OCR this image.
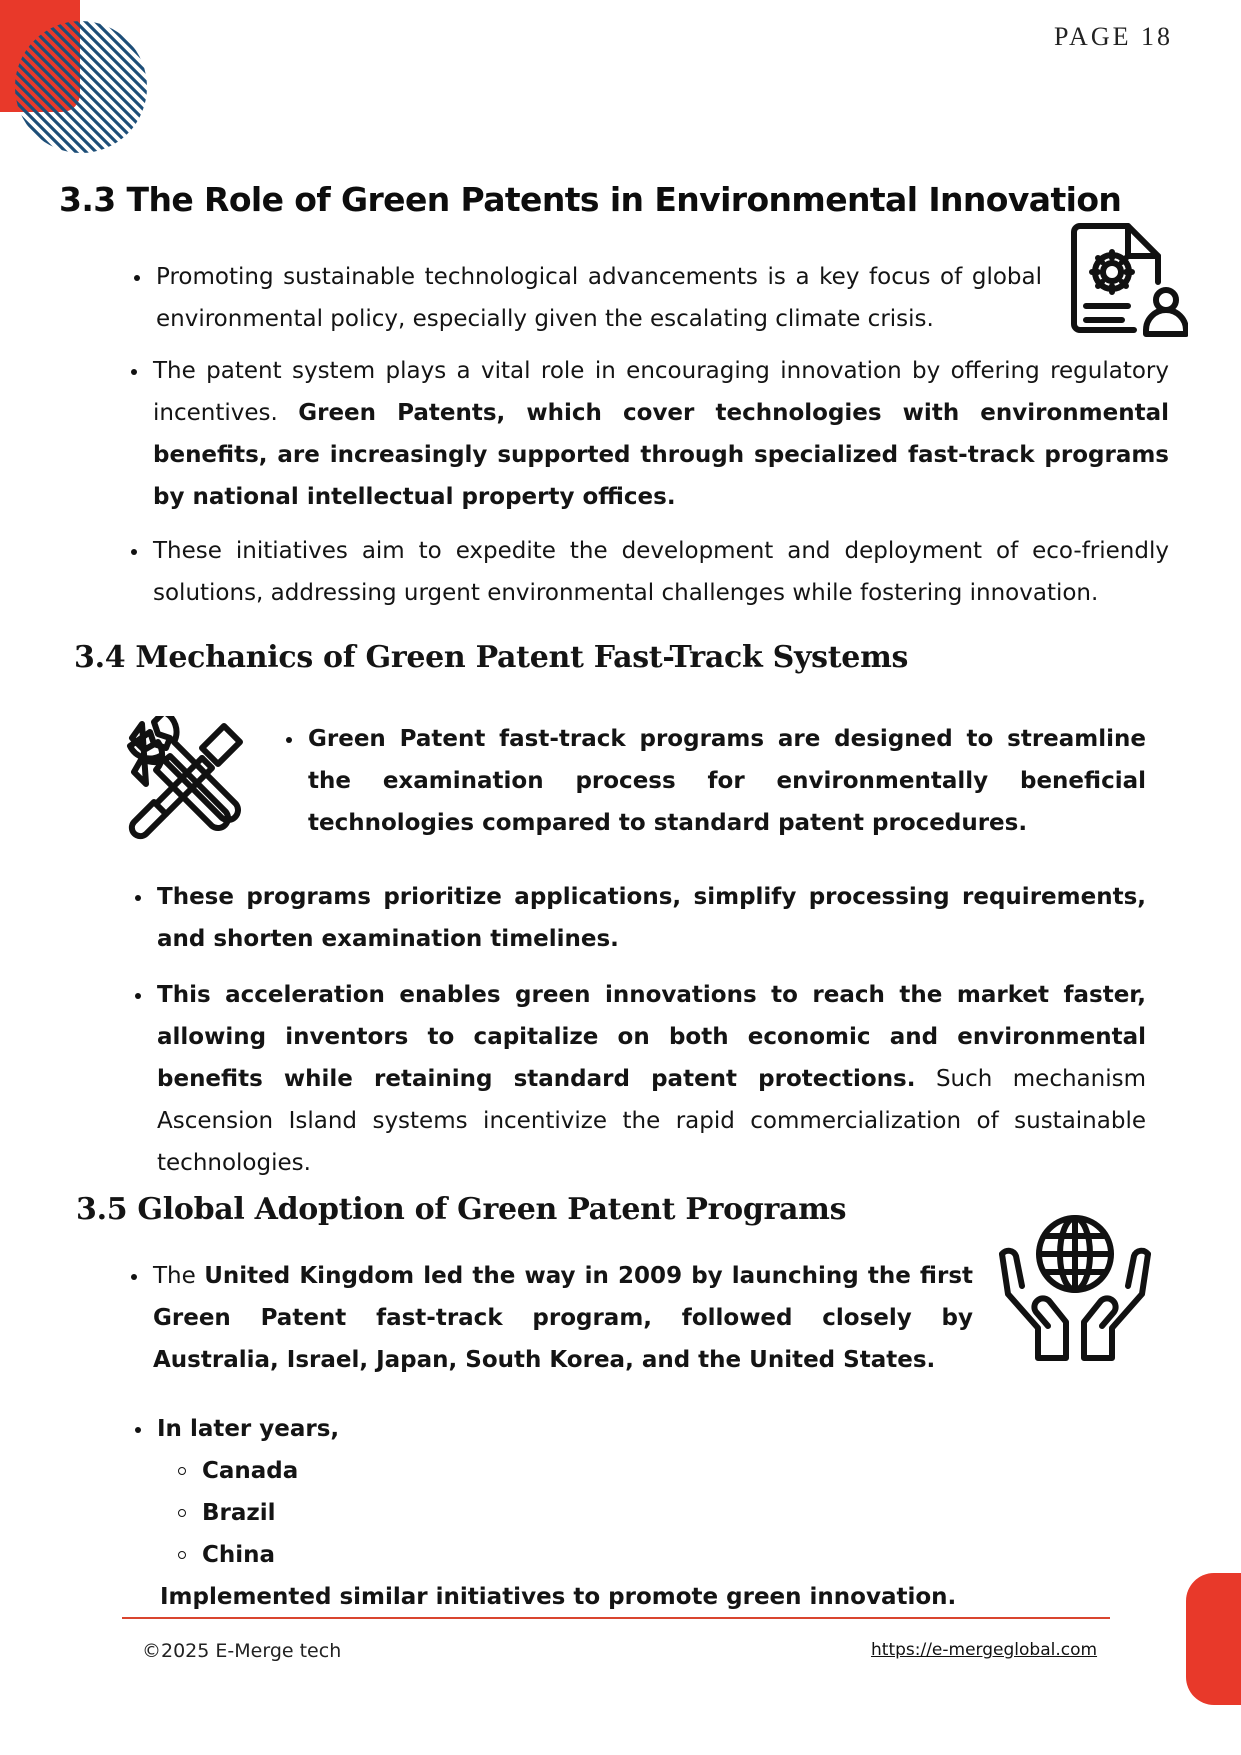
PAGE 18
3.3 The Role of Green Patents in Environmental Innovation
Promoting sustainable technological advancements is a key focus of global environmental policy, especially given the escalating climate crisis.
The patent system plays a vital role in encouraging innovation by offering regulatory incentives. Green Patents, which cover technologies with environmental benefits, are increasingly supported through specialized fast-track programs by national intellectual property offices.
These initiatives aim to expedite the development and deployment of eco-friendly solutions, addressing urgent environmental challenges while fostering innovation.
3.4 Mechanics of Green Patent Fast-Track Systems
Green Patent fast-track programs are designed to streamline the examination process for environmentally beneficial technologies compared to standard patent procedures.
These programs prioritize applications, simplify processing requirements, and shorten examination timelines.
This acceleration enables green innovations to reach the market faster, allowing inventors to capitalize on both economic and environmental benefits while retaining standard patent protections. Such mechanism Ascension Island systems incentivize the rapid commercialization of sustainable technologies.
3.5 Global Adoption of Green Patent Programs
The United Kingdom led the way in 2009 by launching the first Green Patent fast-track program, followed closely by Australia, Israel, Japan, South Korea, and the United States.
In later years,
Canada
Brazil
China

Implemented similar initiatives to promote green innovation.

©2025 E-Merge tech	https://e-mergeglobal.com
